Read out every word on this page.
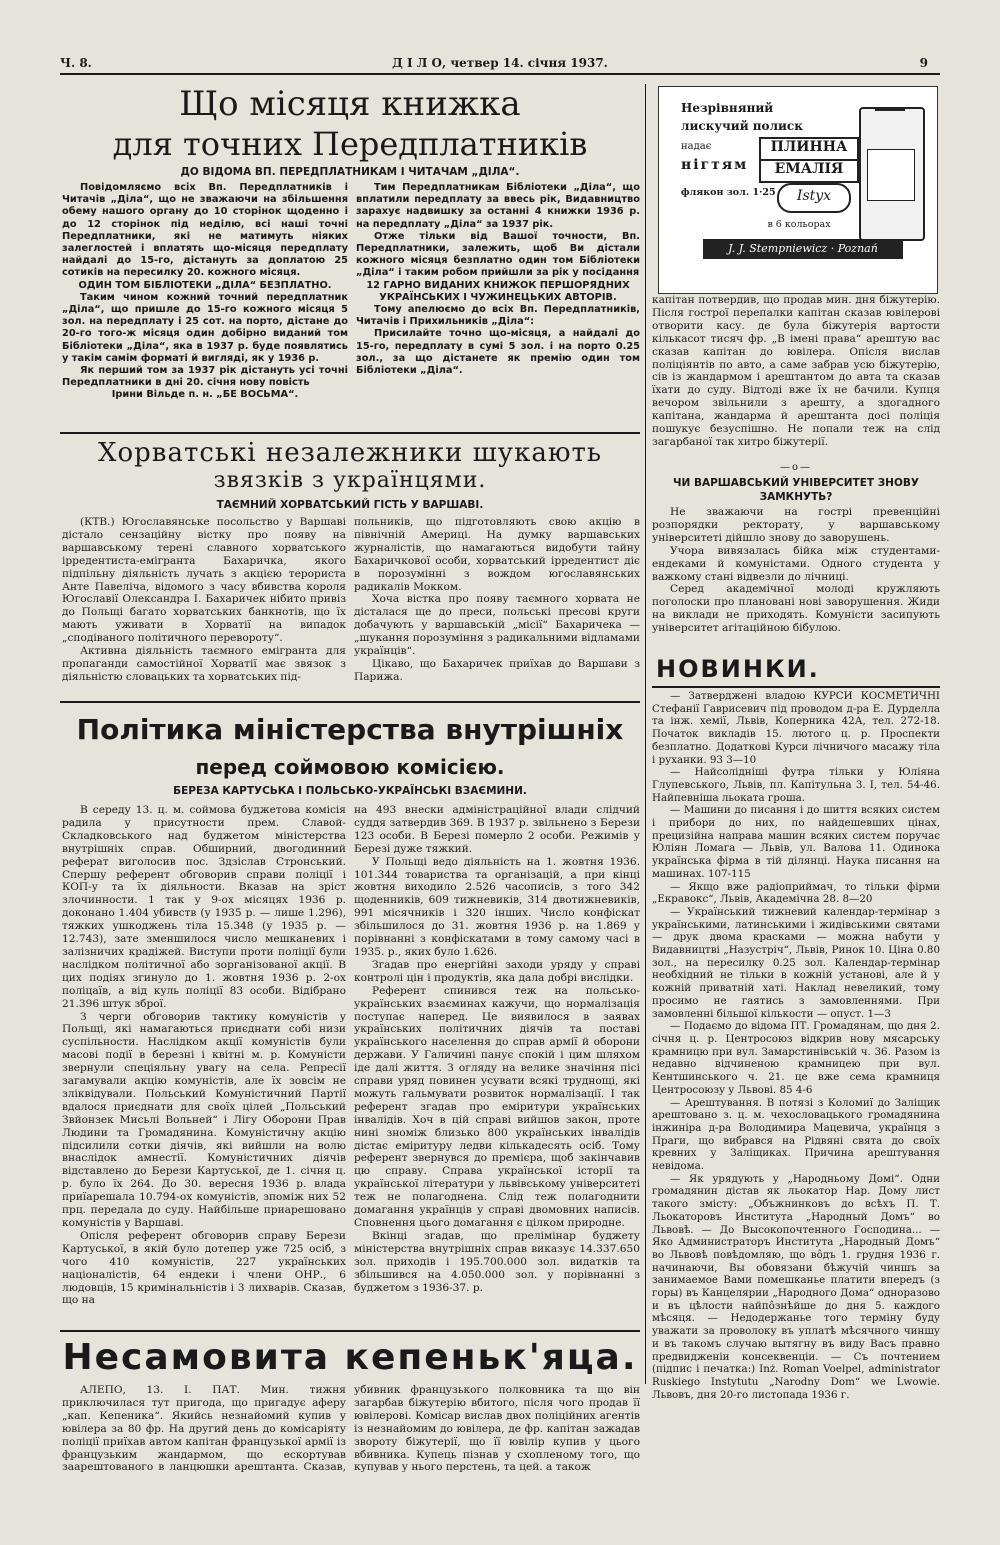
Ч. 8.	Д І Л О, четвер 14. січня 1937.	9
Що місяця книжка
для точних Передплатників
ДО ВІДОМА ВП. ПЕРЕДПЛАТНИКАМ І ЧИТАЧАМ „ДІЛА“.

Повідомляємо всіх Вп. Передплатників і Читачів „Діла“, що не зважаючи на збільшення обему нашого органу до 10 сторінок щоденно і до 12 сторінок під неділю, всі наші точні Передплатники, які не матимуть ніяких залеглостей і вплатять що-місяця передплату найдалі до 15-го, дістануть за доплатою 25 сотиків на пересилку 20. кожного місяця.

ОДИН ТОМ БІБЛІОТЕКИ „ДІЛА“ БЕЗПЛАТНО.

Таким чином кожний точний передплатник „Діла“, що пришле до 15-го кожного місяця 5 зол. на передплату і 25 сот. на порто, дістане до 20-го того-ж місяця один добірно виданий том Бібліотеки „Діла“, яка в 1937 р. буде появлятись у такім самім форматі й вигляді, як у 1936 р.

Як перший том за 1937 рік дістануть усі точні Передплатники в дні 20. січня нову повість

Ірини Вільде п. н. „БЕ ВОСЬМА“.

Тим Передплатникам Бібліотеки „Діла“, що вплатили передплату за ввесь рік, Видавництво зарахує надвишку за останні 4 книжки 1936 р. на передплату „Діла“ за 1937 рік.

Отже тільки від Вашої точности, Вп. Передплатники, залежить, щоб Ви дістали кожного місяця безплатно один том Бібліотеки „Діла“ і таким робом прийшли за рік у посідання

12 ГАРНО ВИДАНИХ КНИЖОК ПЕРШОРЯДНИХ УКРАЇНСЬКИХ І ЧУЖИНЕЦЬКИХ АВТОРІВ.

Тому апелюємо до всіх Вп. Передплатників, Читачів і Прихильників „Діла“:

Присилайте точно що-місяця, а найдалі до 15-го, передплату в сумі 5 зол. і на порто 0.25 зол., за що дістанете як премію один том Бібліотеки „Діла“.

Незрівняний
лискучий полиск
надає
нігтям
ПЛИННА
ЕМАЛІЯ
флякон зол. 1·25	Istyx
в 6 кольорах
J. J. Stempniewicz · Poznań

капітан потвердив, що продав мин. дня біжутерію. Після гострої перепалки капітан сказав ювілерові отворити касу. де була біжутерія вартости кількасот тисяч фр. „В імені права“ арештую вас сказав капітан до ювілера. Опісля вислав поліціянтів по авто, а саме забрав усю біжутерію, сів із жандармом і арештантом до авта та сказав їхати до суду. Відтоді вже їх не бачили. Купця вечором звільнили з арешту, а здогадного капітана, жандарма й арештанта досі поліція пошукує безуспішно. Не попали теж на слід загарбаної так хитро біжутерії.

—о—
ЧИ ВАРШАВСЬКИЙ УНІВЕРСИТЕТ ЗНОВУ ЗАМКНУТЬ?

Не зважаючи на гострі превенційні розпорядки ректорату, у варшавському університеті дійшло знову до заворушень.

Учора вивязалась бійка між студентами-ендеками й комуністами. Одного студента у важкому стані відвезли до лічниці.

Серед академічної молоді кружляють поголоски про плановані нові заворушення. Жиди на виклади не приходять. Комуністи засипують університет агітаційною бібулою.

Хорватські незалежники шукають
звязків з українцями.
ТАЄМНИЙ ХОРВАТСЬКИЙ ГІСТЬ У ВАРШАВІ.

(КТВ.) Югославянське посольство у Варшаві дістало сензаційну вістку про появу на варшавському терені славного хорватського ірредентиста-емігранта Бахаричка, якого підпільну діяльність лучать з акцією терориста Анте Павеліча, відомого з часу вбивства короля Югославії Олександра I. Бахаричек нібито привіз до Польщі багато хорватських банкнотів, що їх мають уживати в Хорватії на випадок „сподіваного політичного перевороту“.

Активна діяльність таємного емігранта для пропаганди самостійної Хорватії має звязок з діяльністю словацьких та хорватських під-

польників, що підготовляють свою акцію в північній Америці. На думку варшавських журналістів, що намагаються видобути тайну Бахаричкової особи, хорватський ірредентист діє в порозумінні з вождом югославянських радикалів Мокком.

Хоча вістка про появу таємного хорвата не дісталася ще до преси, польські пресові круги добачують у варшавській „місії“ Бахаричека — „шукання порозуміння з радикальними відламами українців“.

Цікаво, що Бахаричек приїхав до Варшави з Парижа.

Політика міністерства внутрішніх
перед соймовою комісією.
БЕРЕЗА КАРТУСЬКА І ПОЛЬСЬКО-УКРАЇНСЬКІ ВЗАЄМИНИ.

В середу 13. ц. м. соймова буджетова комісія радила у присутности прем. Славой-Складковського над буджетом міністерства внутрішніх справ. Обширний, двогодинний реферат виголосив пос. Здзіслав Стронський. Спершу референт обговорив справи поліції і КОП-у та їх діяльности. Вказав на зріст злочинности. 1 так у 9-ох місяцях 1936 р. доконано 1.404 убивств (у 1935 р. — лише 1.296), тяжких ушкоджень тіла 15.348 (у 1935 р. — 12.743), зате зменшилося число мешканевих і залізничих крадіжей. Виступи проти поліції були наслідком політичної або зорганізованої акції. В цих подіях згинуло до 1. жовтня 1936 р. 2-ох поліцаїв, а від куль поліції 83 особи. Відібрано 21.396 штук зброї.

З черги обговорив тактику комуністів у Польщі, які намагаються приєднати собі низи суспільности. Наслідком акції комуністів були масові події в березні і квітні м. р. Комуністи звернули спеціяльну увагу на села. Репресії загамували акцію комуністів, але їх зовсім не зліквідували. Польський Комуністичний Партії вдалося приєднати для своїх цілей „Польський Звйонзек Мисьлі Вольней“ і Лігу Оборони Прав Людини та Громадянина. Комуністичну акцію підсилили сотки діячів, які вийшли на волю внаслідок амнестії. Комуністичних діячів відставлено до Берези Картуської, де 1. січня ц. р. було їх 264. До 30. вересня 1936 р. влада приїарешала 10.794-ох комуністів, зпоміж них 52 прц. передала до суду. Найбільше приарешовано комуністів у Варшаві.

Опісля референт обговорив справу Берези Картуської, в якій було дотепер уже 725 осіб, з чого 410 комуністів, 227 українських націоналістів, 64 ендеки і члени ОНР., 6 людовців, 15 кримінальністів і 3 лихварів. Сказав, що на

на 493 внески адміністраційної влади слідчий суддя затвердив 369. В 1937 р. звільнено з Берези 123 особи. В Березі померло 2 особи. Режимів у Березі дуже тяжкий.

У Польщі ведо діяльність на 1. жовтня 1936. 101.344 товариства та організацій, а при кінці жовтня виходило 2.526 часописів, з того 342 щоденників, 609 тижневиків, 314 двотижневиків, 991 місячників і 320 інших. Число конфіскат збільшилося до 31. жовтня 1936 р. на 1.869 у порівнанні з конфіскатами в тому самому часі в 1935. р., яких було 1.626.

Згадав про енергійні заходи уряду у справі контролі цін і продуктів, яка дала добрі вислідки.

Референт спинився теж на польсько-українських взаєминах кажучи, що нормалізація поступає наперед. Це виявилося в заявах українських політичних діячів та поставі українського населення до справ армії й оборони держави. У Галичині панує спокій і цим шляхом іде далі життя. З огляду на велике значіння пісі справи уряд повинен усувати всякі труднощі, які можуть гальмувати розвиток нормалізації. І так референт згадав про еміритури українських інвалідів. Хоч в цій справі вийшов закон, проте нині зноміж близько 800 українських інвалідів дістає еміритуру ледви кількадесять осіб. Тому референт звернувся до премієра, щоб закінчавив цю справу. Справа української історії та української літератури у львівському університеті теж не полагоднена. Слід теж полагоднити домагання українців у справі двомовних написів. Сповнення цього домагання є цілком природне.

Вкінці згадав, що прелімінар буджету міністерства внутрішніх справ виказує 14.337.650 зол. приходів і 195.700.000 зол. видатків та збільшився на 4.050.000 зол. у порівнанні з буджетом з 1936-37. р.

Несамовита кепеньк'яца.

АЛЕПО, 13. I. ПАТ. Мин. тижня приключилася тут пригода, що пригадує аферу „кап. Кепеника“. Якийсь незнайомий купив у ювілера за 80 фр. На другий день до комісаріяту поліції приїхав автом капітан французької армії із французьким жандармом, що ескортував заарештованого в ланцюшки арештанта. Сказав,

убивник французького полковника та що він загарбав біжутерію вбитого, після чого продав її ювілерові. Комісар вислав двох поліційних агентів із незнайомим до ювілера, де фр. капітан зажадав звороту біжутерії, що її ювілір купив у цього вбивника. Купець пізнав у схопленому того, що купував у нього перстень, та цей. а також

НОВИНКИ.

— Затверджені владою КУРСИ КОСМЕТИЧНІ Стефанії Гаврисевич під проводом д-ра Е. Дурделла та інж. хемії, Львів, Коперника 42А, тел. 272-18. Початок викладів 15. лютого ц. р. Проспекти безплатно. Додаткові Курси лічничого масажу тіла і руханки. 93 3—10

— Найсолідніші футра тільки у Юліяна Глупевського, Львів, пл. Капітульна 3. I, тел. 54-46. Найпевніша льоката гроша.

— Машини до писання і до шиття всяких систем і прибори до них, по найдешевших цінах, прецизійна направа машин всяких систем поручає Юліян Ломага — Львів, ул. Валова 11. Одинока українська фірма в тій ділянці. Наука писання на машинах. 107-115

— Якщо вже радіоприймач, то тільки фірми „Екравокс“, Львів, Академічна 28. 8—20

— Український тижневий календар-термінар з українськими, латинськими і жидівськими святами — друк двома красками — можна набути у Видавництві „Назустріч“, Львів, Ринок 10. Ціна 0.80 зол., на пересилку 0.25 зол. Календар-термінар необхідний не тільки в кожній установі, але й у кожній приватній хаті. Наклад невеликий, тому просимо не гаятись з замовленнями. При замовленні більшої кількости — опуст. 1—3

— Подаємо до відома ПТ. Громадянам, що дня 2. січня ц. р. Центросоюз відкрив нову мясарську крамницю при вул. Замарстинівській ч. 36. Разом із недавно відчиненою крамницею при вул. Кентшинського ч. 21. це вже сема крамниця Центросоюзу у Львові. 85 4-6

— Арештування. В потязі з Коломиї до Заліщик арештовано з. ц. м. чехословацького громадянина інжиніра д-ра Володимира Мацевича, українця з Праги, що вибрався на Рідвяні свята до своїх кревних у Заліщиках. Причина арештування невідома.

— Як урядують у „Народньому Домі“. Одни громадянин дістав як льокатор Нар. Дому лист такого змісту: „Объжнинковъ до всѣхъ П. Т. Льокаторовъ Института „Народный Домъ“ во Львовѣ. — До Высокопочтенного Господина... — Яко Администраторъ Института „Народный Домъ“ во Львовѣ повѣдомляю, що вôдъ 1. грудня 1936 г. начинаючи, Вы обовязани бѣжучій чиншъ за занимаемое Вами помешканье платити впередъ (з горы) въ Канцелярии „Народного Дома“ одноразово и въ цѣлости найпôзнѣйше до дня 5. каждого мѣсяця. — Недодержанье того терміну буду уважати за проволоку въ уплатѣ мѣсячного чиншу и въ такомъ случаю вытягну въ виду Васъ правно предвидженіи консеквенціи. — Съ почтением (підпис і печатка:) Inż. Roman Voelpel, administrator Ruskiego Instytutu „Narodny Dom“ we Lwowie. Львовъ, дня 20-го листопада 1936 г.
